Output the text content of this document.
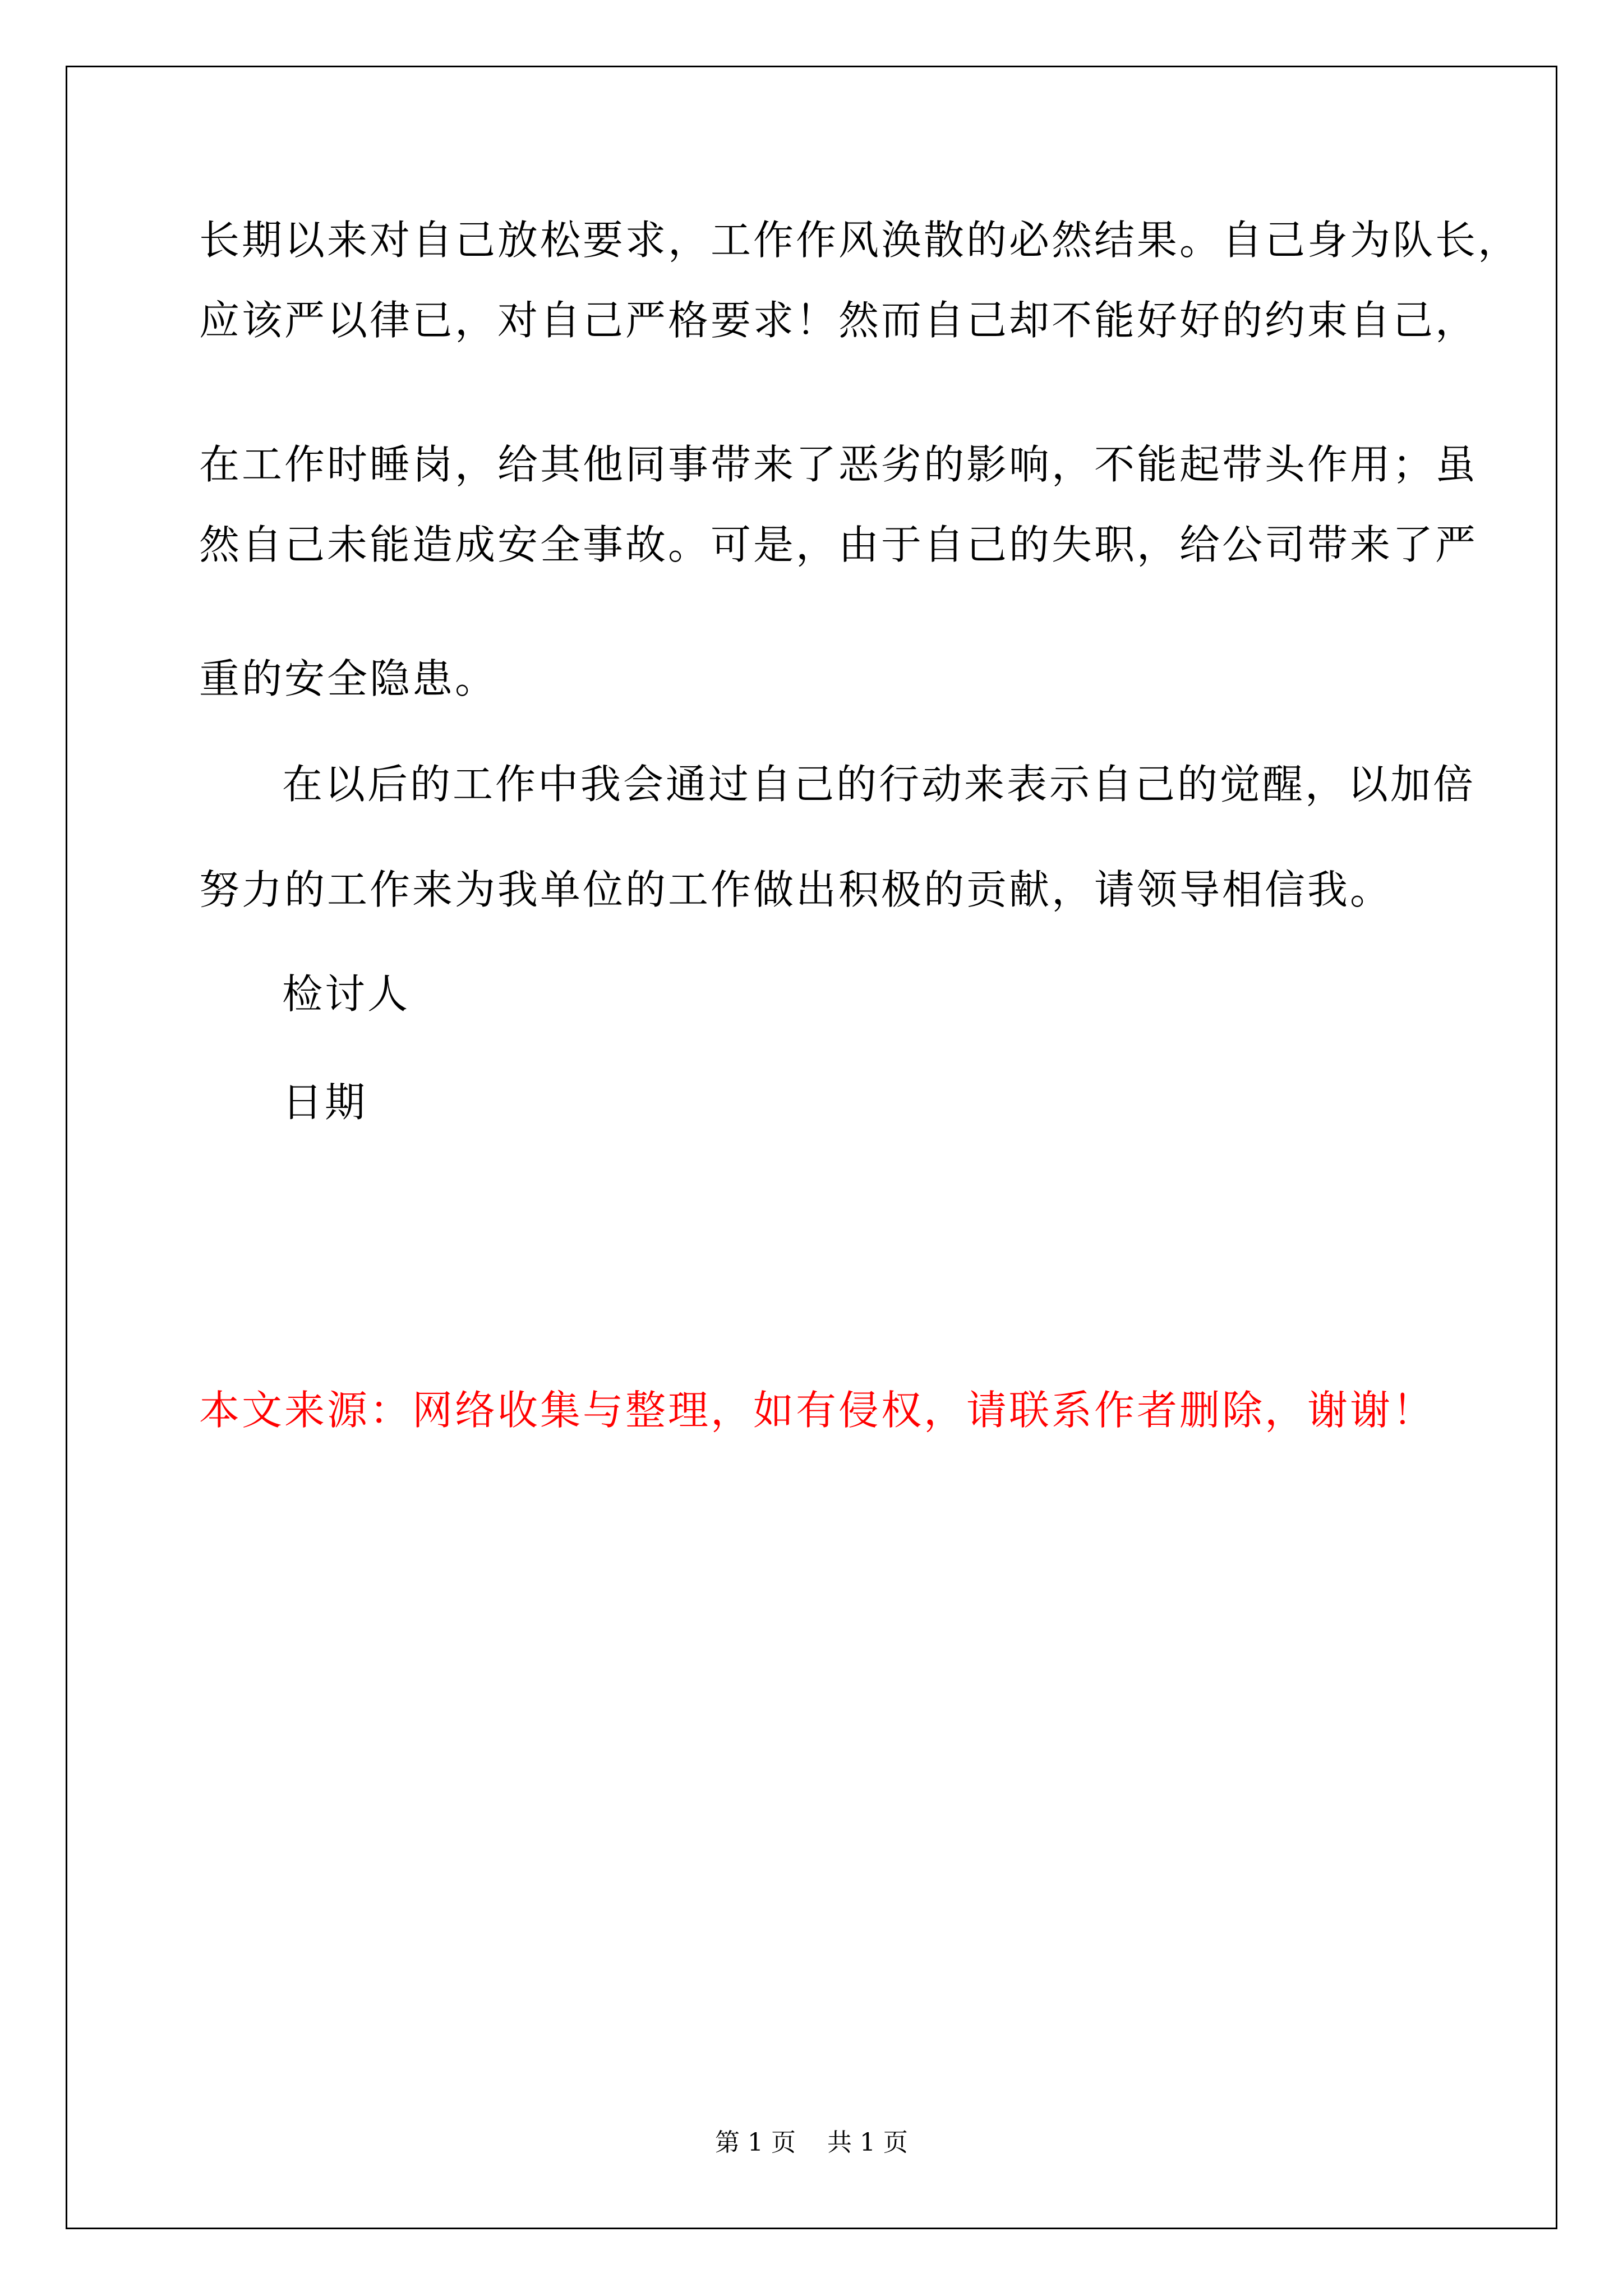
长期以来对自己放松要求，工作作风涣散的必然结果。自己身为队长，
应该严以律已，对自己严格要求！然而自己却不能好好的约束自己，
在工作时睡岗，给其他同事带来了恶劣的影响，不能起带头作用；虽
然自己未能造成安全事故。可是，由于自己的失职，给公司带来了严
重的安全隐患。
在以后的工作中我会通过自己的行动来表示自己的觉醒，以加倍
努力的工作来为我单位的工作做出积极的贡献，请领导相信我。
检讨人
日期
本文来源：网络收集与整理，如有侵权，请联系作者删除，谢谢！
第 1 页    共 1 页
